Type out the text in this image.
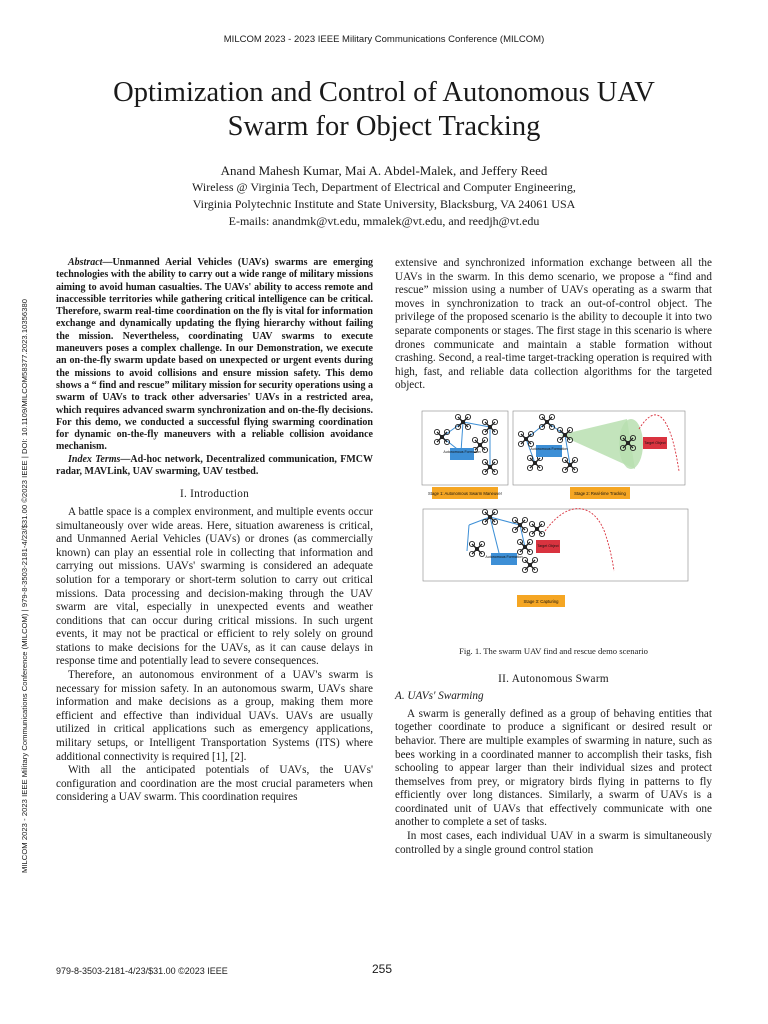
MILCOM 2023 - 2023 IEEE Military Communications Conference (MILCOM)
MILCOM 2023 - 2023 IEEE Military Communications Conference (MILCOM) | 979-8-3503-2181-4/23/$31.00 ©2023 IEEE | DOI: 10.1109/MILCOM58377.2023.10356380
Optimization and Control of Autonomous UAV
Swarm for Object Tracking
Anand Mahesh Kumar, Mai A. Abdel-Malek, and Jeffery Reed
Wireless @ Virginia Tech, Department of Electrical and Computer Engineering,
Virginia Polytechnic Institute and State University, Blacksburg, VA 24061 USA
E-mails: anandmk@vt.edu, mmalek@vt.edu, and reedjh@vt.edu

Abstract—Unmanned Aerial Vehicles (UAVs) swarms are emerging technologies with the ability to carry out a wide range of military missions aiming to avoid human casualties. The UAVs' ability to access remote and inaccessible territories while gathering critical intelligence can be critical. Therefore, swarm real-time coordination on the fly is vital for information exchange and dynamically updating the flying hierarchy without failing the mission. Nevertheless, coordinating UAV swarms to execute maneuvers poses a complex challenge. In our Demonstration, we execute an on-the-fly swarm update based on unexpected or urgent events during the missions to avoid collisions and ensure mission safety. This demo shows a “ find and rescue” military mission for security operations using a swarm of UAVs to track other adversaries' UAVs in a restricted area, which requires advanced swarm synchronization and on-the-fly decisions. For this demo, we conducted a successful flying swarming coordination for dynamic on-the-fly maneuvers with a reliable collision avoidance mechanism.

Index Terms—Ad-hoc network, Decentralized communication, FMCW radar, MAVLink, UAV swarming, UAV testbed.

I. Introduction

A battle space is a complex environment, and multiple events occur simultaneously over wide areas. Here, situation awareness is critical, and Unmanned Aerial Vehicles (UAVs) or drones (as commercially known) can play an essential role in collecting that information and carrying out missions. UAVs' swarming is considered an adequate solution for a temporary or short-term solution to carry out critical missions. Data processing and decision-making through the UAV swarm are vital, especially in unexpected events and weather conditions that can occur during critical missions. In such urgent events, it may not be practical or efficient to rely solely on ground stations to make decisions for the UAVs, as it can cause delays in response time and potentially lead to severe consequences.

Therefore, an autonomous environment of a UAV's swarm is necessary for mission safety. In an autonomous swarm, UAVs share information and make decisions as a group, making them more efficient and effective than individual UAVs. UAVs are usually utilized in critical applications such as emergency applications, military setups, or Intelligent Transportation Systems (ITS) where additional connectivity is required [1], [2].

With all the anticipated potentials of UAVs, the UAVs' configuration and coordination are the most crucial parameters when considering a UAV swarm. This coordination requires

extensive and synchronized information exchange between all the UAVs in the swarm. In this demo scenario, we propose a “find and rescue” mission using a number of UAVs operating as a swarm that moves in synchronization to track an out-of-control object. The privilege of the proposed scenario is the ability to decouple it into two separate components or stages. The first stage in this scenario is where drones communicate and maintain a stable formation without crashing. Second, a real-time target-tracking operation is required with high, fast, and reliable data collection algorithms for the targeted object.

Autonomous Formation
Stage 1: Autonomous Swarm Maneuver
Autonomous Formation
Target Object
Stage 2: Real-time Tracking
Autonomous Formation
Target Object
Stage 3: Capturing
Fig. 1. The swarm UAV find and rescue demo scenario
II. Autonomous Swarm
A. UAVs' Swarming

A swarm is generally defined as a group of behaving entities that together coordinate to produce a significant or desired result or behavior. There are multiple examples of swarming in nature, such as bees working in a coordinated manner to accomplish their tasks, fish schooling to appear larger than their individual sizes and protect themselves from prey, or migratory birds flying in patterns to fly efficiently over long distances. Similarly, a swarm of UAVs is a coordinated unit of UAVs that effectively communicate with one another to complete a set of tasks.

In most cases, each individual UAV in a swarm is simultaneously controlled by a single ground control station

979-8-3503-2181-4/23/$31.00 ©2023 IEEE	255
